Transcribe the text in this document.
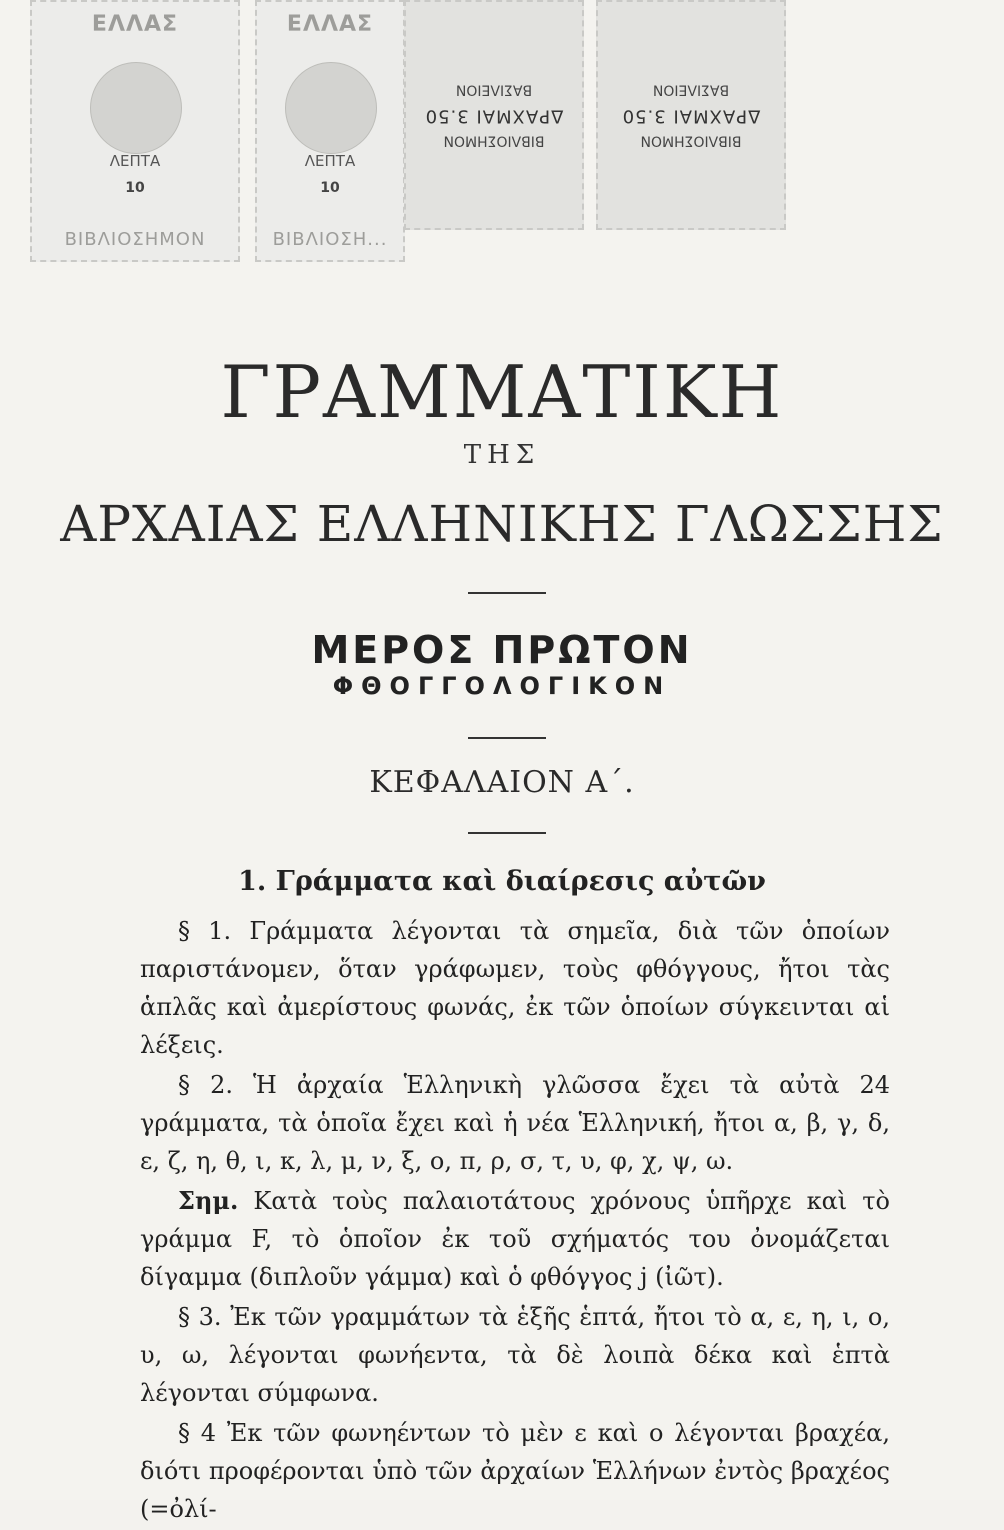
ΕΛΛΑΣ
ΛΕΠΤΑ
10
ΒΙΒΛΙΟΣΗΜΟΝ
ΕΛΛΑΣ
ΛΕΠΤΑ
10
ΒΙΒΛΙΟΣΗ...
ΒΙΒΛΙΟΣΗΜΟΝ
ΔΡΑΧΜΑΙ 3.50
ΒΑΣΙΛΕΙΟΝ
ΒΙΒΛΙΟΣΗΜΟΝ
ΔΡΑΧΜΑΙ 3.50
ΒΑΣΙΛΕΙΟΝ
ΓΡΑΜΜΑΤΙΚΗ
ΤΗΣ
ΑΡΧΑΙΑΣ ΕΛΛΗΝΙΚΗΣ ΓΛΩΣΣΗΣ
ΜΕΡΟΣ ΠΡΩΤΟΝ
ΦΘΟΓΓΟΛΟΓΙΚΟΝ
ΚΕΦΑΛΑΙΟΝ Α΄.
1. Γράμματα καὶ διαίρεσις αὐτῶν

§ 1. Γράμματα λέγονται τὰ σημεῖα, διὰ τῶν ὁποίων παριστάνομεν, ὅταν γράφωμεν, τοὺς φθόγγους, ἤτοι τὰς ἁπλᾶς καὶ ἀμερίστους φωνάς, ἐκ τῶν ὁποίων σύγκεινται αἱ λέξεις.

§ 2. Ἡ ἀρχαία Ἑλληνικὴ γλῶσσα ἔχει τὰ αὐτὰ 24 γράμματα, τὰ ὁποῖα ἔχει καὶ ἡ νέα Ἑλληνική, ἤτοι α, β, γ, δ, ε, ζ, η, θ, ι, κ, λ, μ, ν, ξ, ο, π, ρ, σ, τ, υ, φ, χ, ψ, ω.

Σημ. Κατὰ τοὺς παλαιοτάτους χρόνους ὑπῆρχε καὶ τὸ γράμμα F, τὸ ὁποῖον ἐκ τοῦ σχήματός του ὀνομάζεται δίγαμμα (διπλοῦν γάμμα) καὶ ὁ φθόγγος j (ἰῶτ).

§ 3. Ἐκ τῶν γραμμάτων τὰ ἑξῆς ἑπτά, ἤτοι τὸ α, ε, η, ι, ο, υ, ω, λέγονται φωνήεντα, τὰ δὲ λοιπὰ δέκα καὶ ἑπτὰ λέγονται σύμφωνα.

§ 4 Ἐκ τῶν φωνηέντων τὸ μὲν ε καὶ ο λέγονται βραχέα, διότι προφέρονται ὑπὸ τῶν ἀρχαίων Ἑλλήνων ἐντὸς βραχέος (=ὀλί-
